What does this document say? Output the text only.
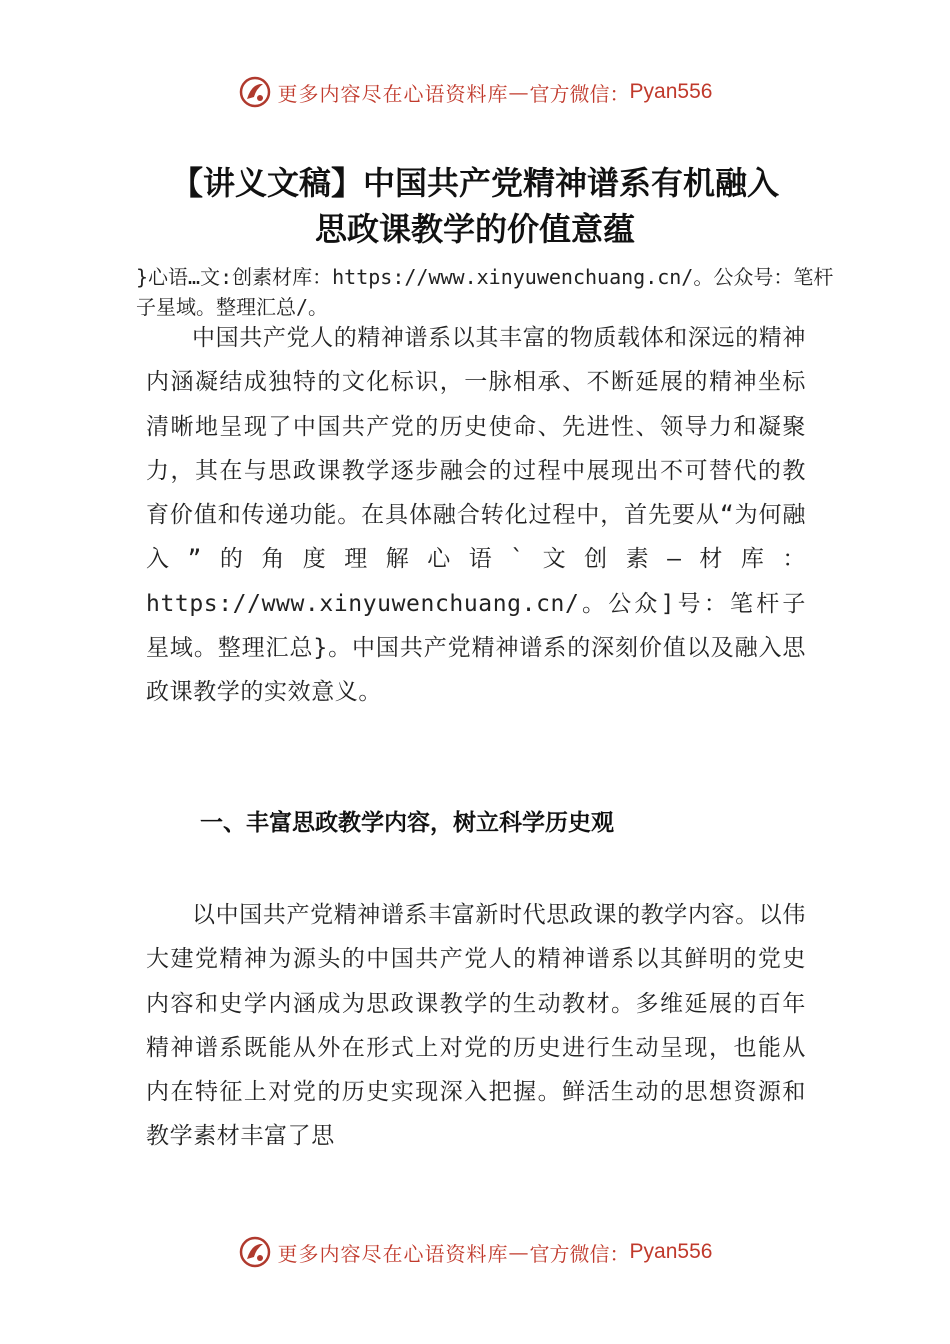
更多内容尽在心语资料库 — 官方微信： Pyan556
【讲义文稿】中国共产党精神谱系有机融入
思政课教学的价值意蕴
}心语…文:创素材库：https://www.xinyuwenchuang.cn/。公众号：笔杆子星域。整理汇总/。

中国共产党人的精神谱系以其丰富的物质载体和深远的精神内涵凝结成独特的文化标识，一脉相承、不断延展的精神坐标清晰地呈现了中国共产党的历史使命、先进性、领导力和凝聚力，其在与思政课教学逐步融会的过程中展现出不可替代的教育价值和传递功能。在具体融合转化过程中，首先要从“为何融入”的角度理解心语`文创素—材库：https://www.xinyuwenchuang.cn/。公众]号：笔杆子星域。整理汇总}。中国共产党精神谱系的深刻价值以及融入思政课教学的实效意义。

一、丰富思政教学内容，树立科学历史观

以中国共产党精神谱系丰富新时代思政课的教学内容。以伟大建党精神为源头的中国共产党人的精神谱系以其鲜明的党史内容和史学内涵成为思政课教学的生动教材。多维延展的百年精神谱系既能从外在形式上对党的历史进行生动呈现，也能从内在特征上对党的历史实现深入把握。鲜活生动的思想资源和教学素材丰富了思

更多内容尽在心语资料库 — 官方微信： Pyan556
